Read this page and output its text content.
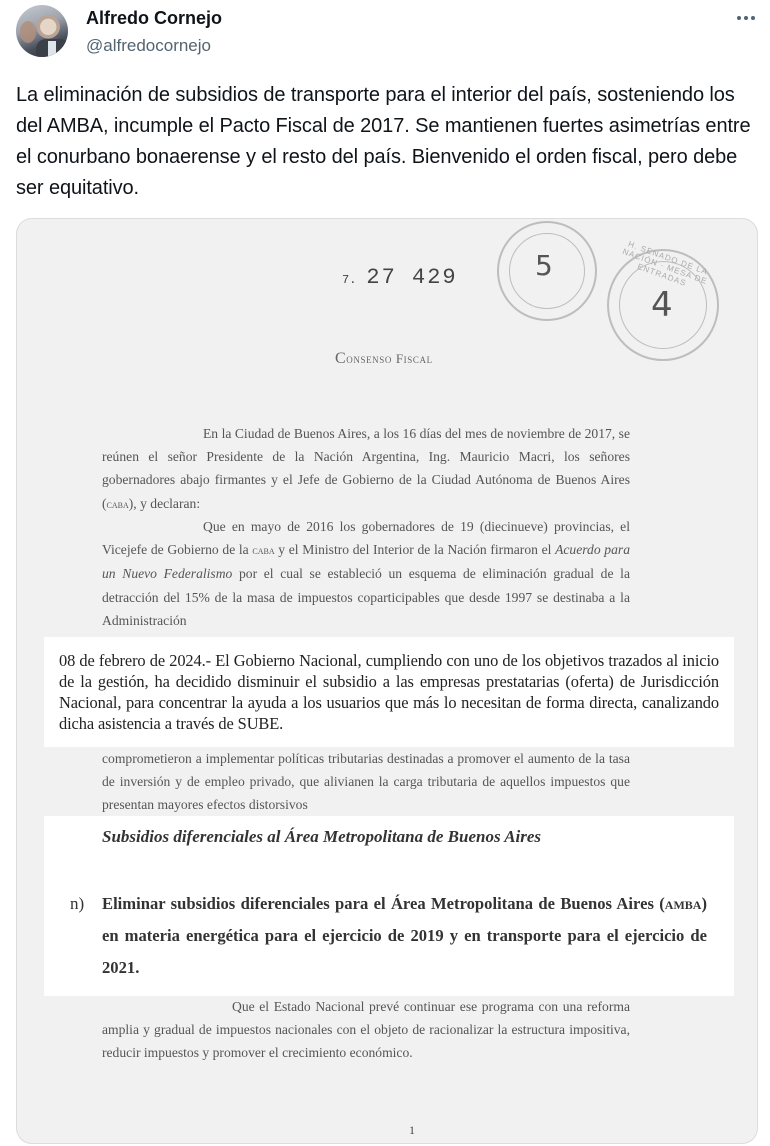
Alfredo Cornejo
@alfredocornejo
La eliminación de subsidios de transporte para el interior del país, sosteniendo los del AMBA, incumple el Pacto Fiscal de 2017. Se mantienen fuertes asimetrías entre el conurbano bonaerense y el resto del país. Bienvenido el orden fiscal, pero debe ser equitativo.
7. 27 429	5	H. SENADO DE LA NACIÓN · MESA DE ENTRADAS
4
Consenso Fiscal

En la Ciudad de Buenos Aires, a los 16 días del mes de noviembre de 2017, se reúnen el señor Presidente de la Nación Argentina, Ing. Mauricio Macri, los señores gobernadores abajo firmantes y el Jefe de Gobierno de la Ciudad Autónoma de Buenos Aires (caba), y declaran:

Que en mayo de 2016 los gobernadores de 19 (diecinueve) provincias, el Vicejefe de Gobierno de la caba y el Ministro del Interior de la Nación firmaron el Acuerdo para un Nuevo Federalismo por el cual se estableció un esquema de eliminación gradual de la detracción del 15% de la masa de impuestos coparticipables que desde 1997 se destinaba a la Administración

08 de febrero de 2024.- El Gobierno Nacional, cumpliendo con uno de los objetivos trazados al inicio de la gestión, ha decidido disminuir el subsidio a las empresas prestatarias (oferta) de Jurisdicción Nacional, para concentrar la ayuda a los usuarios que más lo necesitan de forma directa, canalizando dicha asistencia a través de SUBE.

comprometieron a implementar políticas tributarias destinadas a promover el aumento de la tasa de inversión y de empleo privado, que alivianen la carga tributaria de aquellos impuestos que presentan mayores efectos distorsivos

Subsidios diferenciales al Área Metropolitana de Buenos Aires
n) Eliminar subsidios diferenciales para el Área Metropolitana de Buenos Aires (amba) en materia energética para el ejercicio de 2019 y en transporte para el ejercicio de 2021.

Que el Estado Nacional prevé continuar ese programa con una reforma amplia y gradual de impuestos nacionales con el objeto de racionalizar la estructura impositiva, reducir impuestos y promover el crecimiento económico.

1
